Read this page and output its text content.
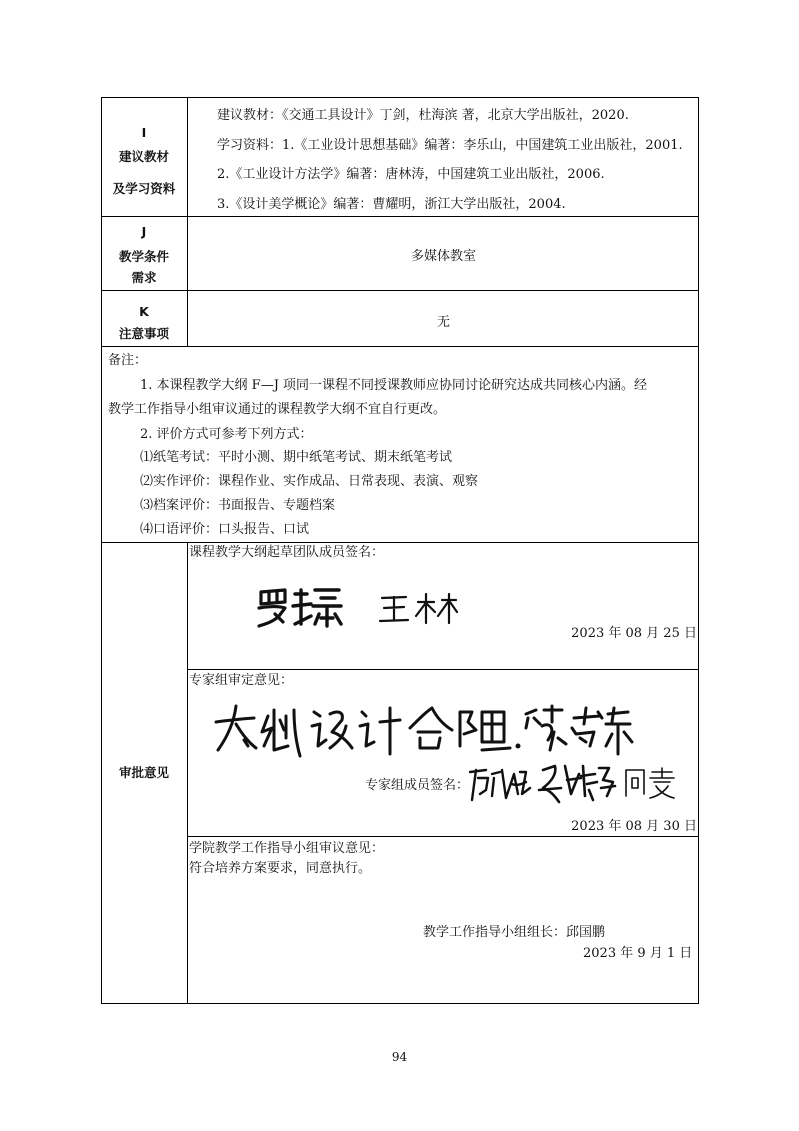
I
建议教材
及学习资料
建议教材：《交通工具设计》丁剑，杜海滨 著，北京大学出版社，2020.
学习资料：1.《工业设计思想基础》编著：李乐山，中国建筑工业出版社，2001.
2.《工业设计方法学》编著：唐林涛，中国建筑工业出版社，2006.
3.《设计美学概论》编著：曹耀明，浙江大学出版社，2004.
J
教学条件
需求
多媒体教室
K
注意事项
无
备注：
1. 本课程教学大纲 F—J 项同一课程不同授课教师应协同讨论研究达成共同核心内涵。经
教学工作指导小组审议通过的课程教学大纲不宜自行更改。
2. 评价方式可参考下列方式：
⑴纸笔考试：平时小测、期中纸笔考试、期末纸笔考试
⑵实作评价：课程作业、实作成品、日常表现、表演、观察
⑶档案评价：书面报告、专题档案
⑷口语评价：口头报告、口试
审批意见
课程教学大纲起草团队成员签名：
2023 年 08 月 25 日
专家组审定意见：
专家组成员签名：
2023 年 08 月 30 日
学院教学工作指导小组审议意见：
符合培养方案要求，同意执行。
教学工作指导小组组长：邱国鹏
2023 年 9 月 1 日
94
